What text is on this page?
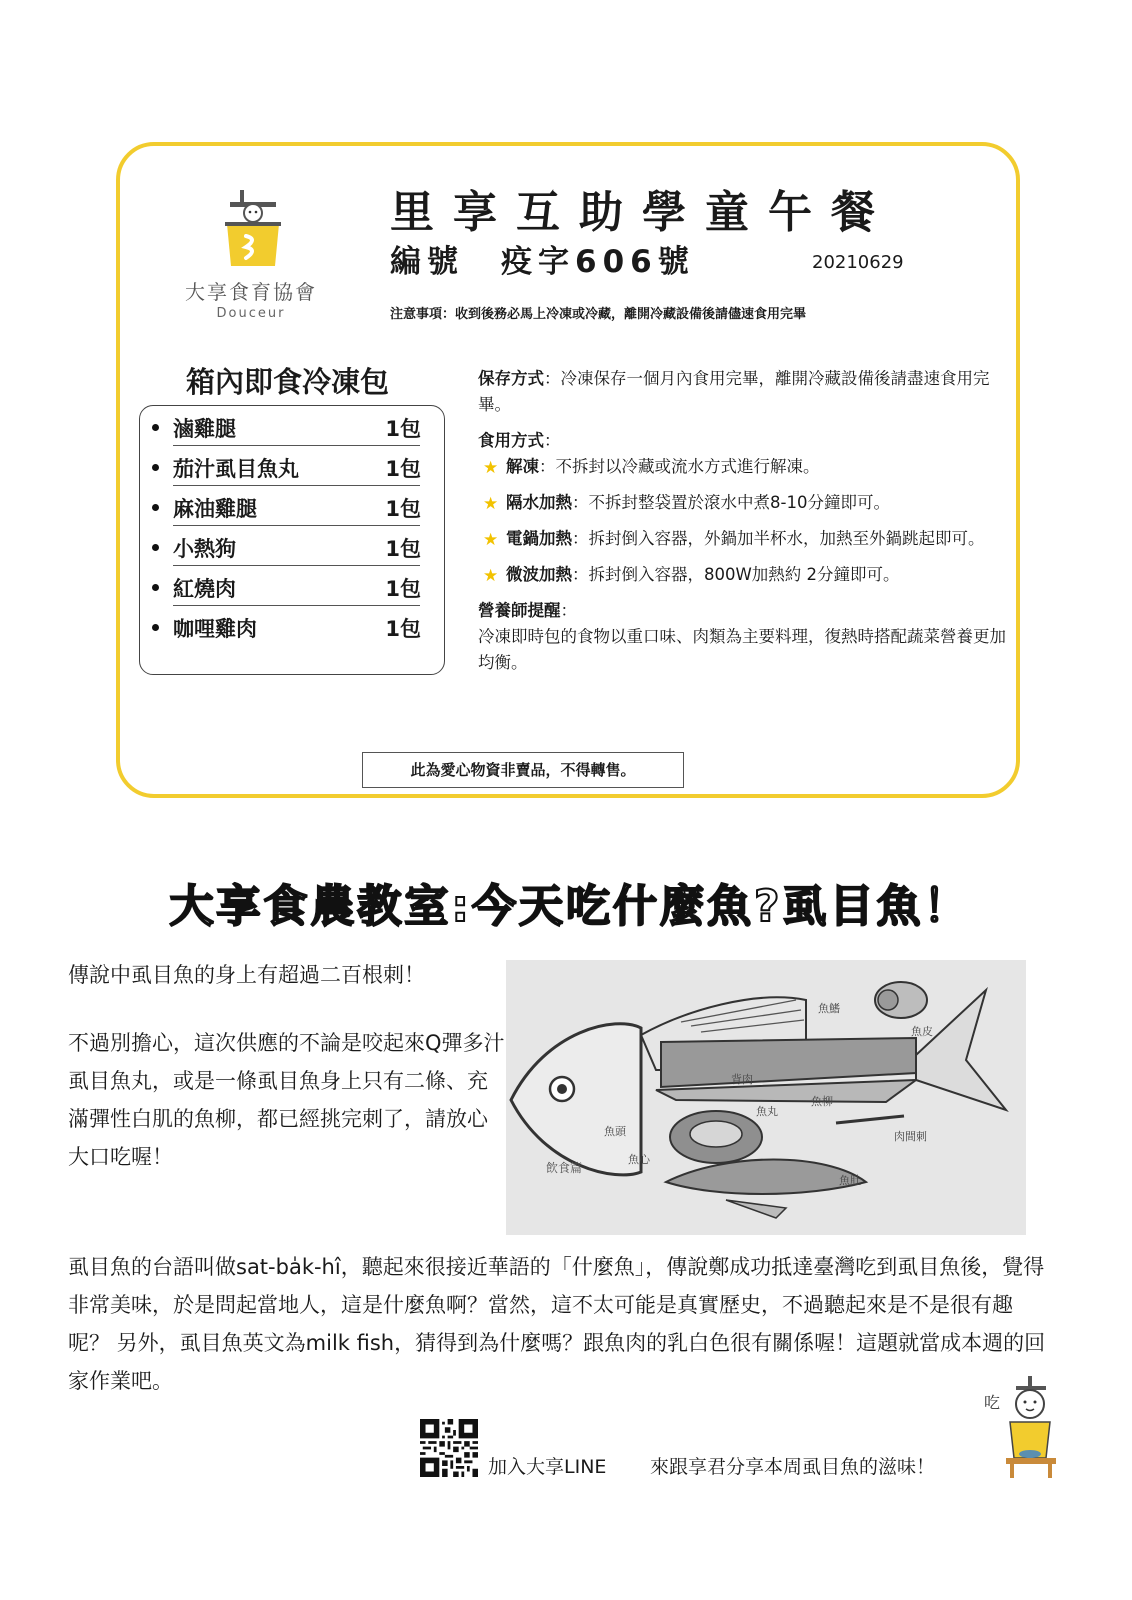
大享食育協會
Douceur
里享互助學童午餐
編號　疫字606號	20210629
注意事項：收到後務必馬上冷凍或冷藏，離開冷藏設備後請儘速食用完畢
箱內即食冷凍包
滷雞腿	1包
茄汁虱目魚丸	1包
麻油雞腿	1包
小熱狗	1包
紅燒肉	1包
咖哩雞肉	1包

保存方式：冷凍保存一個月內食用完畢，離開冷藏設備後請盡速食用完畢。

食用方式：

★ 解凍：不拆封以冷藏或流水方式進行解凍。

★ 隔水加熱：不拆封整袋置於滾水中煮8-10分鐘即可。

★ 電鍋加熱：拆封倒入容器，外鍋加半杯水，加熱至外鍋跳起即可。

★ 微波加熱：拆封倒入容器，800W加熱約 2分鐘即可。

營養師提醒：

冷凍即時包的食物以重口味、肉類為主要料理，復熱時搭配蔬菜營養更加均衡。

此為愛心物資非賣品，不得轉售。
大享食農教室:今天吃什麼魚?虱目魚！

傳說中虱目魚的身上有超過二百根刺！

不過別擔心，這次供應的不論是咬起來Q彈多汁虱目魚丸，或是一條虱目魚身上只有二條、充滿彈性白肌的魚柳，都已經挑完刺了，請放心大口吃喔！

魚鰭
魚皮
背肉
魚柳
魚丸
魚頭
魚心
魚肚
肉間刺
飲食篇

虱目魚的台語叫做sat-ba̍k-hî，聽起來很接近華語的「什麼魚」，傳說鄭成功抵達臺灣吃到虱目魚後，覺得非常美味，於是問起當地人，這是什麼魚啊？當然，這不太可能是真實歷史，不過聽起來是不是很有趣呢？ 另外，虱目魚英文為milk fish，猜得到為什麼嗎？跟魚肉的乳白色很有關係喔！這題就當成本週的回家作業吧。

加入大享LINE 來跟享君分享本周虱目魚的滋味！
吃
